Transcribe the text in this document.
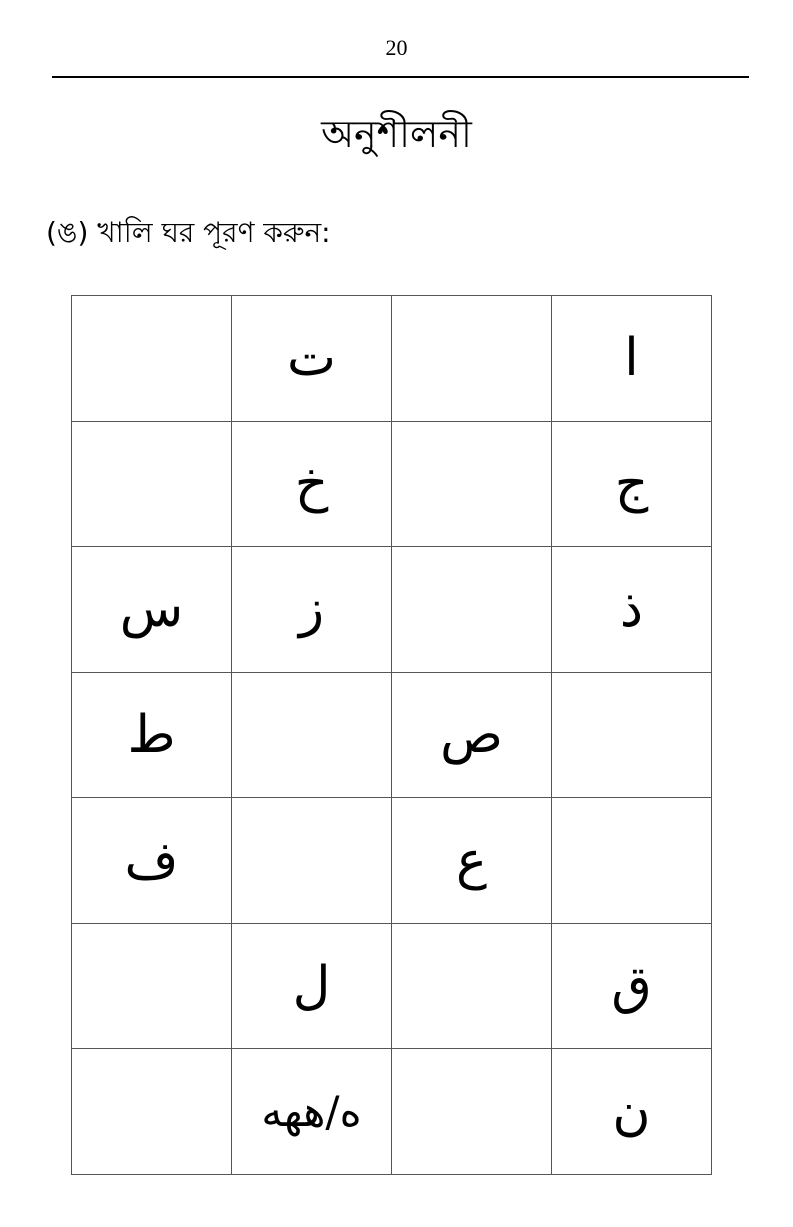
20
অনুশীলনী
(ঙ) খালি ঘর পূরণ করুন:
	ت		ا
	خ		ج
س	ز		ذ
ط		ص	
ف		ع	
	ل		ق
	ه/ههه		ن
